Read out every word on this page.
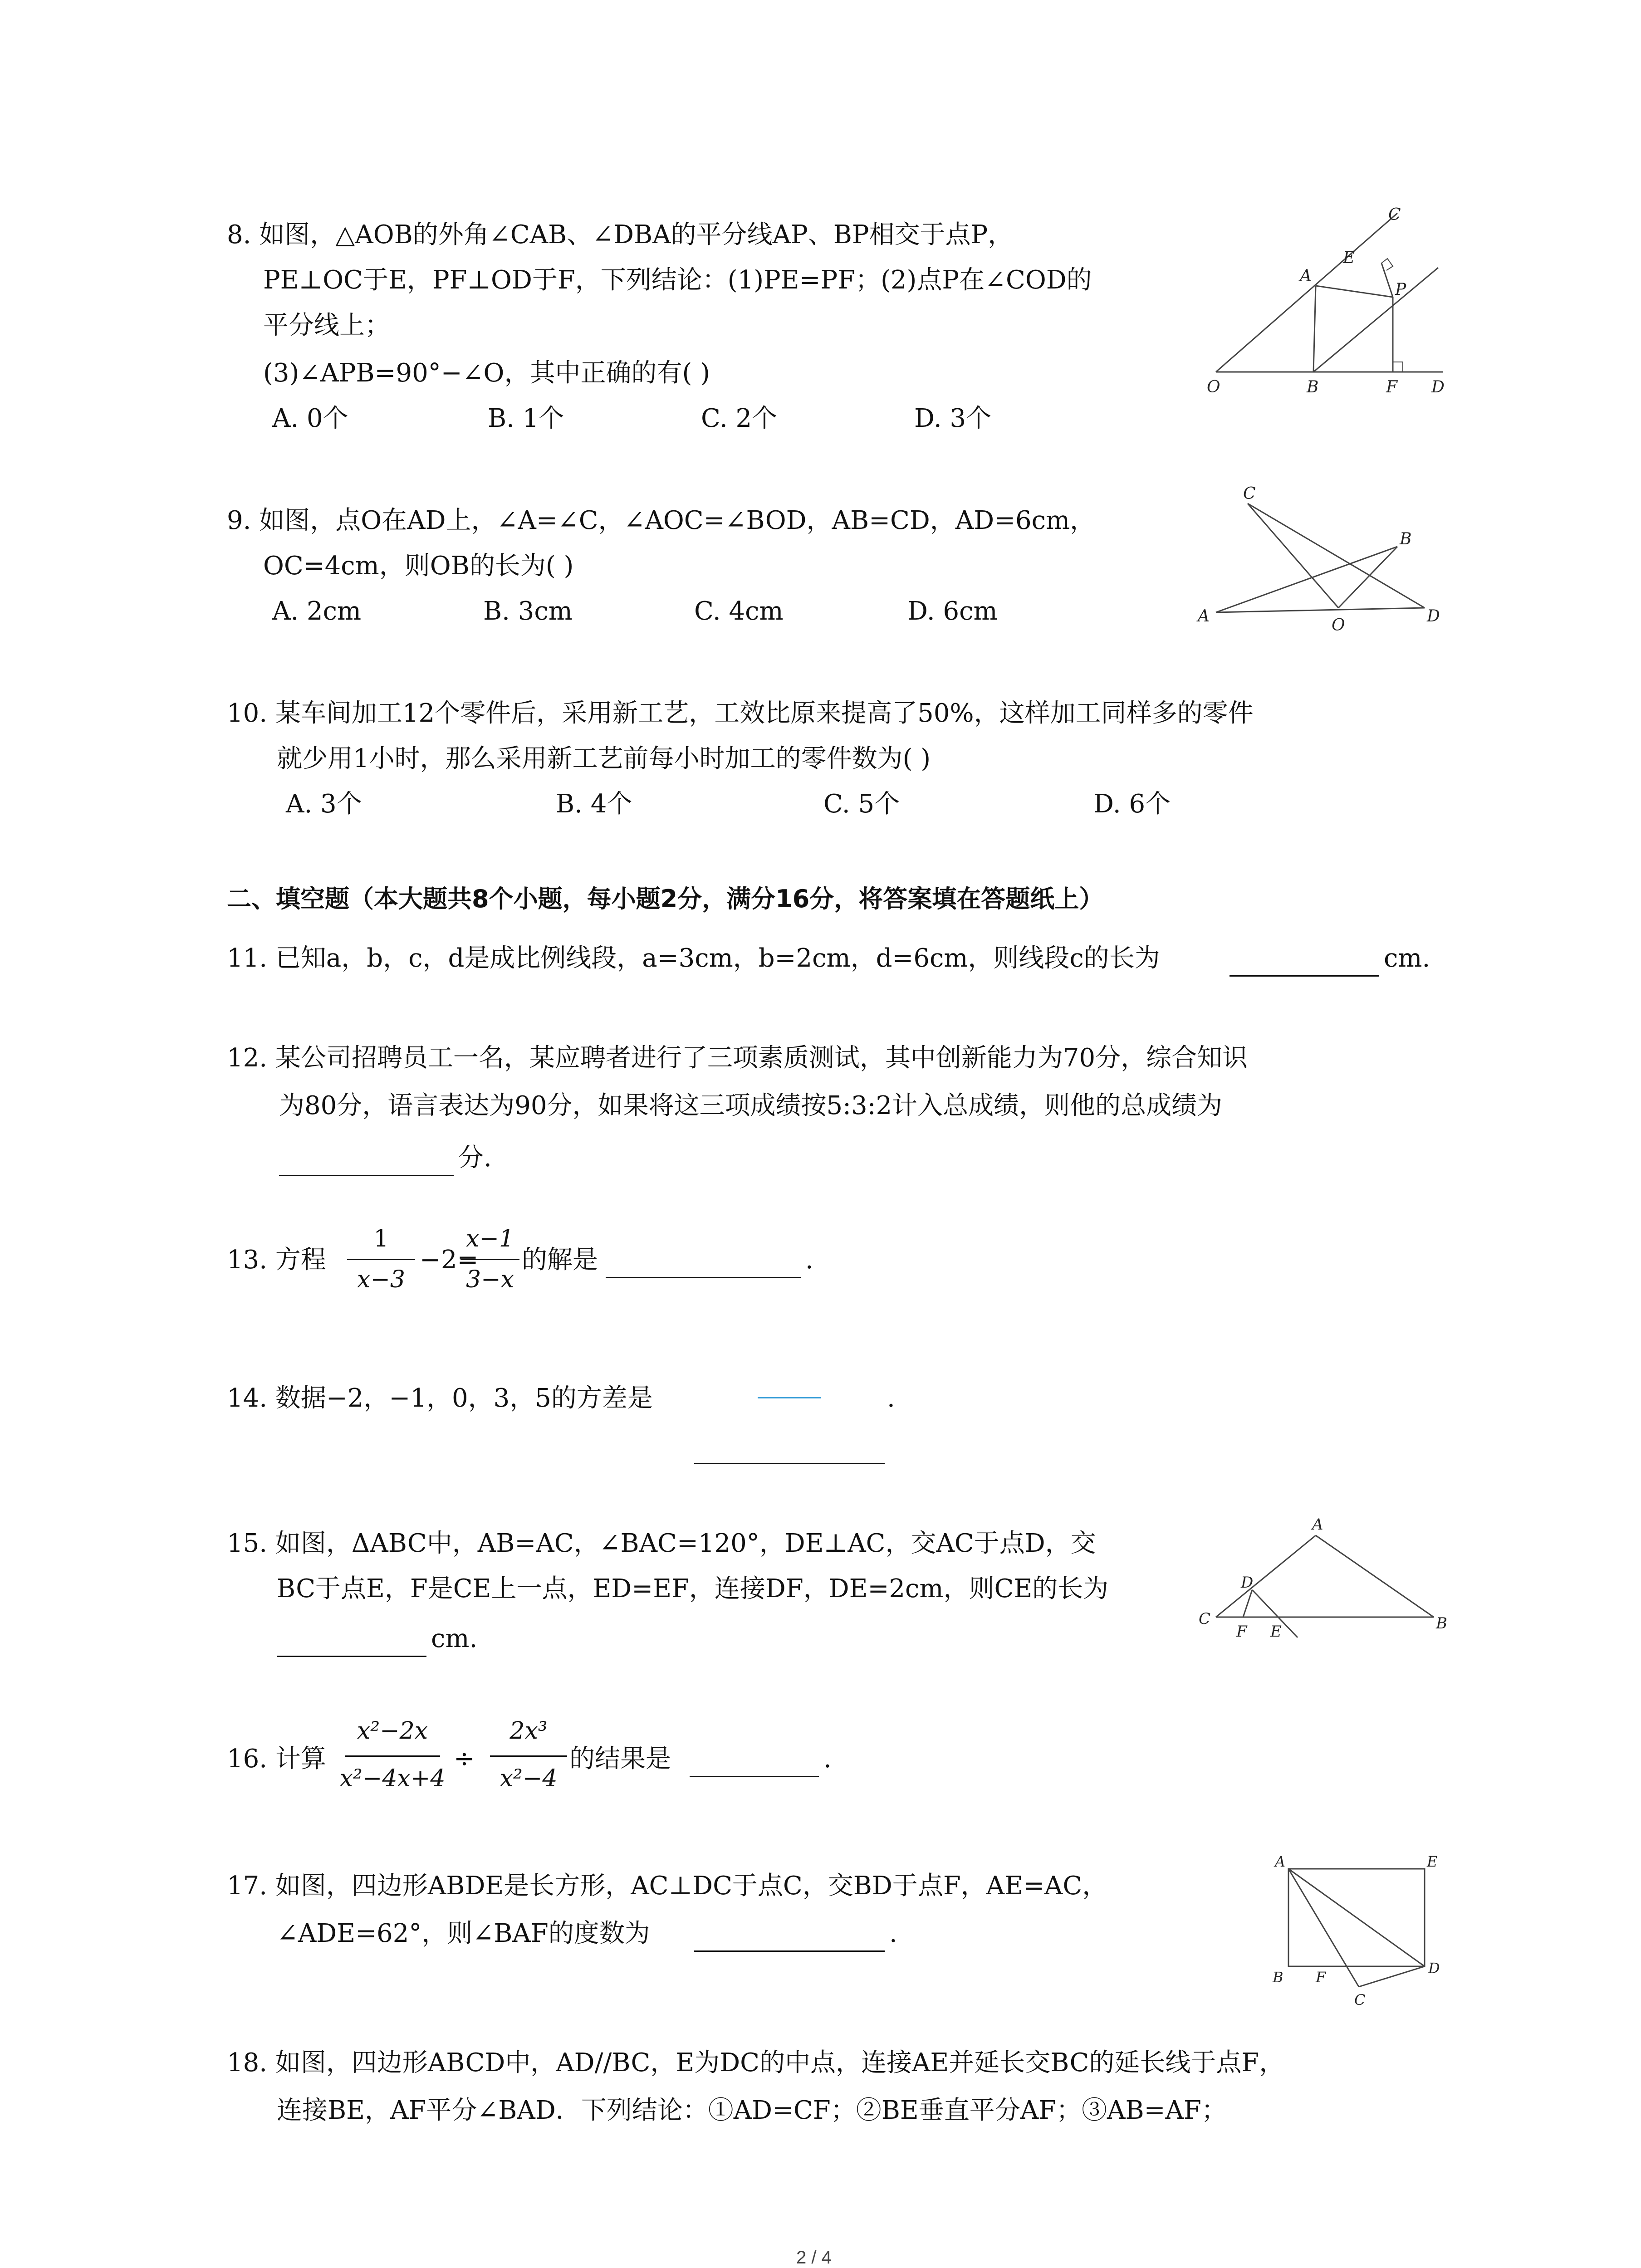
8. 如图，△AOB的外角∠CAB、∠DBA的平分线AP、BP相交于点P，
PE⊥OC于E，PF⊥OD于F，下列结论：(1)PE=PF；(2)点P在∠COD的
平分线上；
(3)∠APB=90°−∠O，其中正确的有( )
A. 0个	B. 1个	C. 2个	D. 3个
C
E
A
P
O	B	F D
9. 如图，点O在AD上，∠A=∠C，∠AOC=∠BOD，AB=CD，AD=6cm，
OC=4cm，则OB的长为( )
A. 2cm	B. 3cm	C. 4cm	D. 6cm
C
B
A	O	D
10. 某车间加工12个零件后，采用新工艺，工效比原来提高了50%，这样加工同样多的零件
就少用1小时，那么采用新工艺前每小时加工的零件数为( )
A. 3个	B. 4个	C. 5个	D. 6个
二、填空题（本大题共8个小题，每小题2分，满分16分，将答案填在答题纸上）
11. 已知a，b，c，d是成比例线段，a=3cm，b=2cm，d=6cm，则线段c的长为	cm.
12. 某公司招聘员工一名，某应聘者进行了三项素质测试，其中创新能力为70分，综合知识
为80分，语言表达为90分，如果将这三项成绩按5:3:2计入总成绩，则他的总成绩为
分.
13. 方程
1
x−3
−2=
x−1
3−x
的解是	.
14. 数据−2，−1，0，3，5的方差是	.
15. 如图，ΔABC中，AB=AC，∠BAC=120°，DE⊥AC，交AC于点D，交
BC于点E，F是CE上一点，ED=EF，连接DF，DE=2cm，则CE的长为
cm.
A
D
C
F E	B
16. 计算
x²−2x
x²−4x+4
÷
2x³
x²−4
的结果是	.
17. 如图，四边形ABDE是长方形，AC⊥DC于点C，交BD于点F，AE=AC，
∠ADE=62°，则∠BAF的度数为	.
A	E
B F
D
C
18. 如图，四边形ABCD中，AD//BC，E为DC的中点，连接AE并延长交BC的延长线于点F，
连接BE，AF平分∠BAD．下列结论：①AD=CF；②BE垂直平分AF；③AB=AF；
2 / 4
